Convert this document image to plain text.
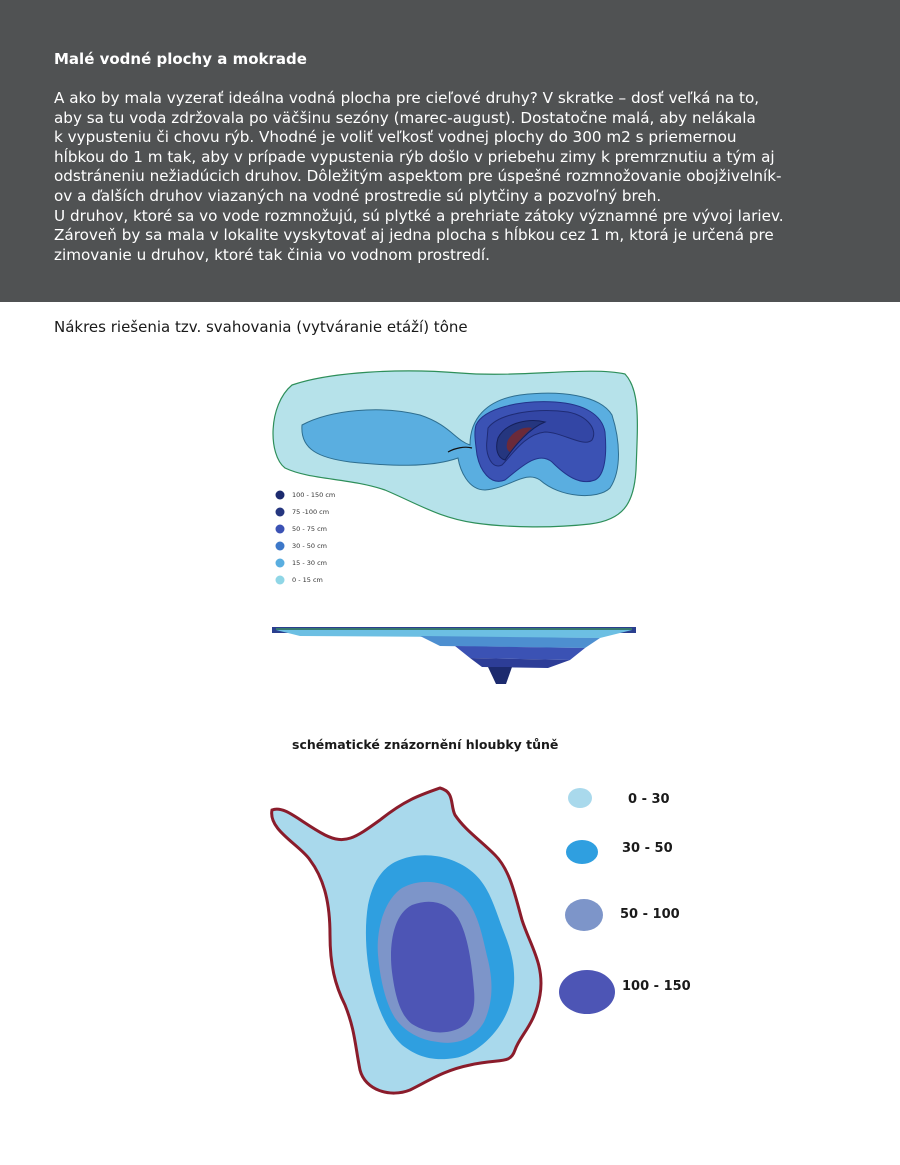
Malé vodné plochy a mokrade

A ako by mala vyzerať ideálna vodná plocha pre cieľové druhy? V skratke – dosť veľká na to,
aby sa tu voda zdržovala po väčšinu sezóny (marec-august). Dostatočne malá, aby nelákala
k vypusteniu či chovu rýb. Vhodné je voliť veľkosť vodnej plochy do 300 m2 s priemernou
hĺbkou do 1 m tak, aby v prípade vypustenia rýb došlo v priebehu zimy k premrznutiu a tým aj
odstráneniu nežiadúcich druhov. Dôležitým aspektom pre úspešné rozmnožovanie obojživelník-
ov a ďalších druhov viazaných na vodné prostredie sú plytčiny a pozvoľný breh.
U druhov, ktoré sa vo vode rozmnožujú, sú plytké a prehriate zátoky významné pre vývoj lariev.
Zároveň by sa mala v lokalite vyskytovať aj jedna plocha s hĺbkou cez 1 m, ktorá je určená pre
zimovanie u druhov, ktoré tak činia vo vodnom prostredí.

Nákres riešenia tzv. svahovania (vytváranie etáží) tône
100 - 150 cm
75 -100 cm
50 - 75 cm
30 - 50 cm
15 - 30 cm
0 - 15 cm
schématické znázornění hloubky tůně
0 - 30
30 - 50
50 - 100
100 - 150
